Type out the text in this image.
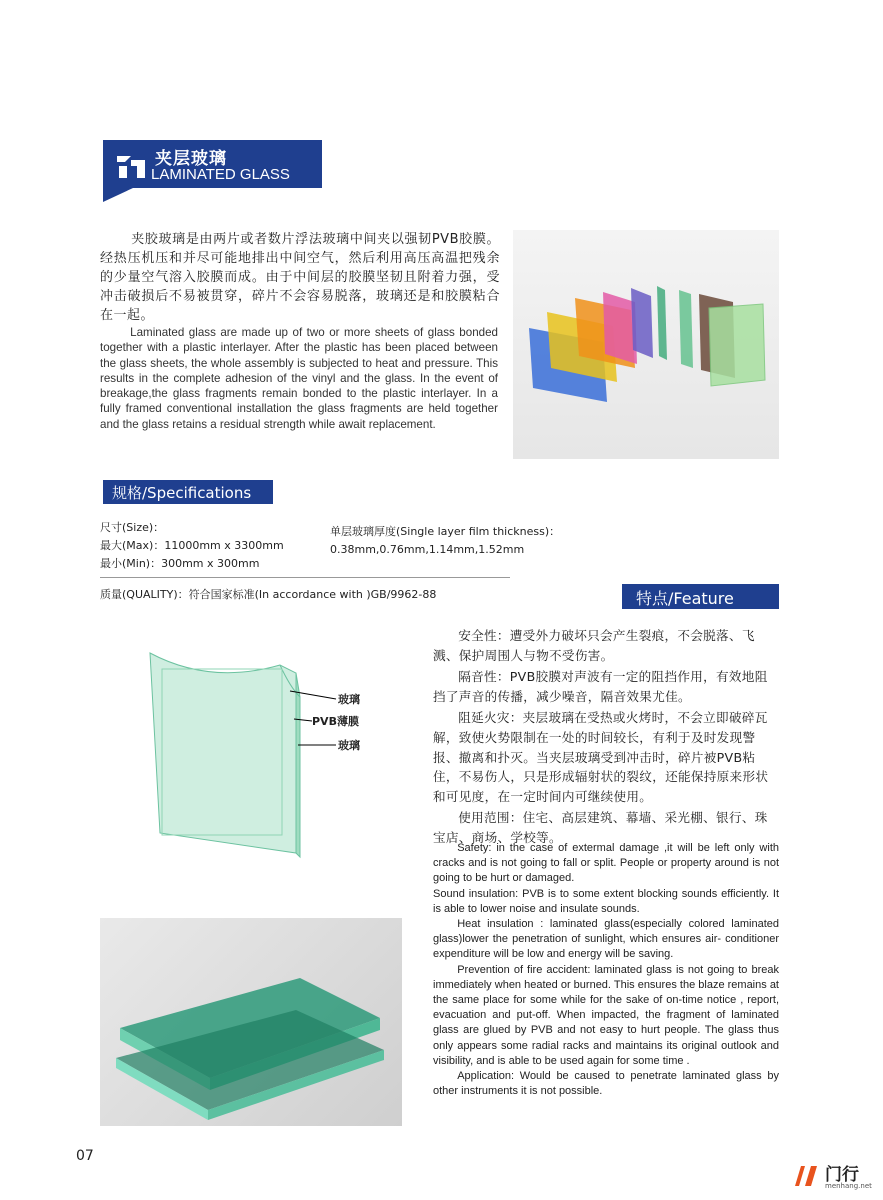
夹层玻璃
LAMINATED GLASS
夹胶玻璃是由两片或者数片浮法玻璃中间夹以强韧PVB胶膜。经热压机压和并尽可能地排出中间空气，然后利用高压高温把残余的少量空气溶入胶膜而成。由于中间层的胶膜坚韧且附着力强，受冲击破损后不易被贯穿，碎片不会容易脱落，玻璃还是和胶膜粘合在一起。
Laminated glass are made up of two or more sheets of glass bonded together with a plastic interlayer. After the plastic has been placed between the glass sheets, the whole assembly is subjected to heat and pressure. This results in the complete adhesion of the vinyl and the glass. In the event of breakage,the glass fragments remain bonded to the plastic interlayer. In a fully framed conventional installation the glass fragments are held together and the glass retains a residual strength while await replacement.
规格/Specifications
尺寸(Size)：
最大(Max)：11000mm x 3300mm
最小(Min)：300mm x 300mm
单层玻璃厚度(Single layer film thickness)：
0.38mm,0.76mm,1.14mm,1.52mm
质量(QUALITY)：符合国家标准(In accordance with )GB/9962-88	特点/Feature
玻璃
PVB薄膜
玻璃

安全性：遭受外力破坏只会产生裂痕，不会脱落、飞溅、保护周围人与物不受伤害。

隔音性：PVB胶膜对声波有一定的阻挡作用，有效地阻挡了声音的传播，减少噪音，隔音效果尤佳。

阻延火灾：夹层玻璃在受热或火烤时，不会立即破碎瓦解，致使火势限制在一处的时间较长，有利于及时发现警报、撤离和扑灭。当夹层玻璃受到冲击时，碎片被PVB粘住，不易伤人，只是形成辐射状的裂纹，还能保持原来形状和可见度，在一定时间内可继续使用。

使用范围：住宅、高层建筑、幕墙、采光棚、银行、珠宝店、商场、学校等。

Safety: in the case of extermal damage ,it will be left only with cracks and is not going to fall or split. People or property around is not going to be hurt or damaged.

Sound insulation: PVB is to some extent blocking sounds efficiently. It is able to lower noise and insulate sounds.

Heat insulation : laminated glass(especially colored laminated glass)lower the penetration of sunlight, which ensures air- conditioner expenditure will be low and energy will be saving.

Prevention of fire accident: laminated glass is not going to break immediately when heated or burned. This ensures the blaze remains at the same place for some while for the sake of on-time notice , report, evacuation and put-off. When impacted, the fragment of laminated glass are glued by PVB and not easy to hurt people. The glass thus only appears some radial racks and maintains its original outlook and visibility, and is able to be used again for some time .

Application: Would be caused to penetrate laminated glass by other instruments it is not possible.

07
门行
menhang.net
